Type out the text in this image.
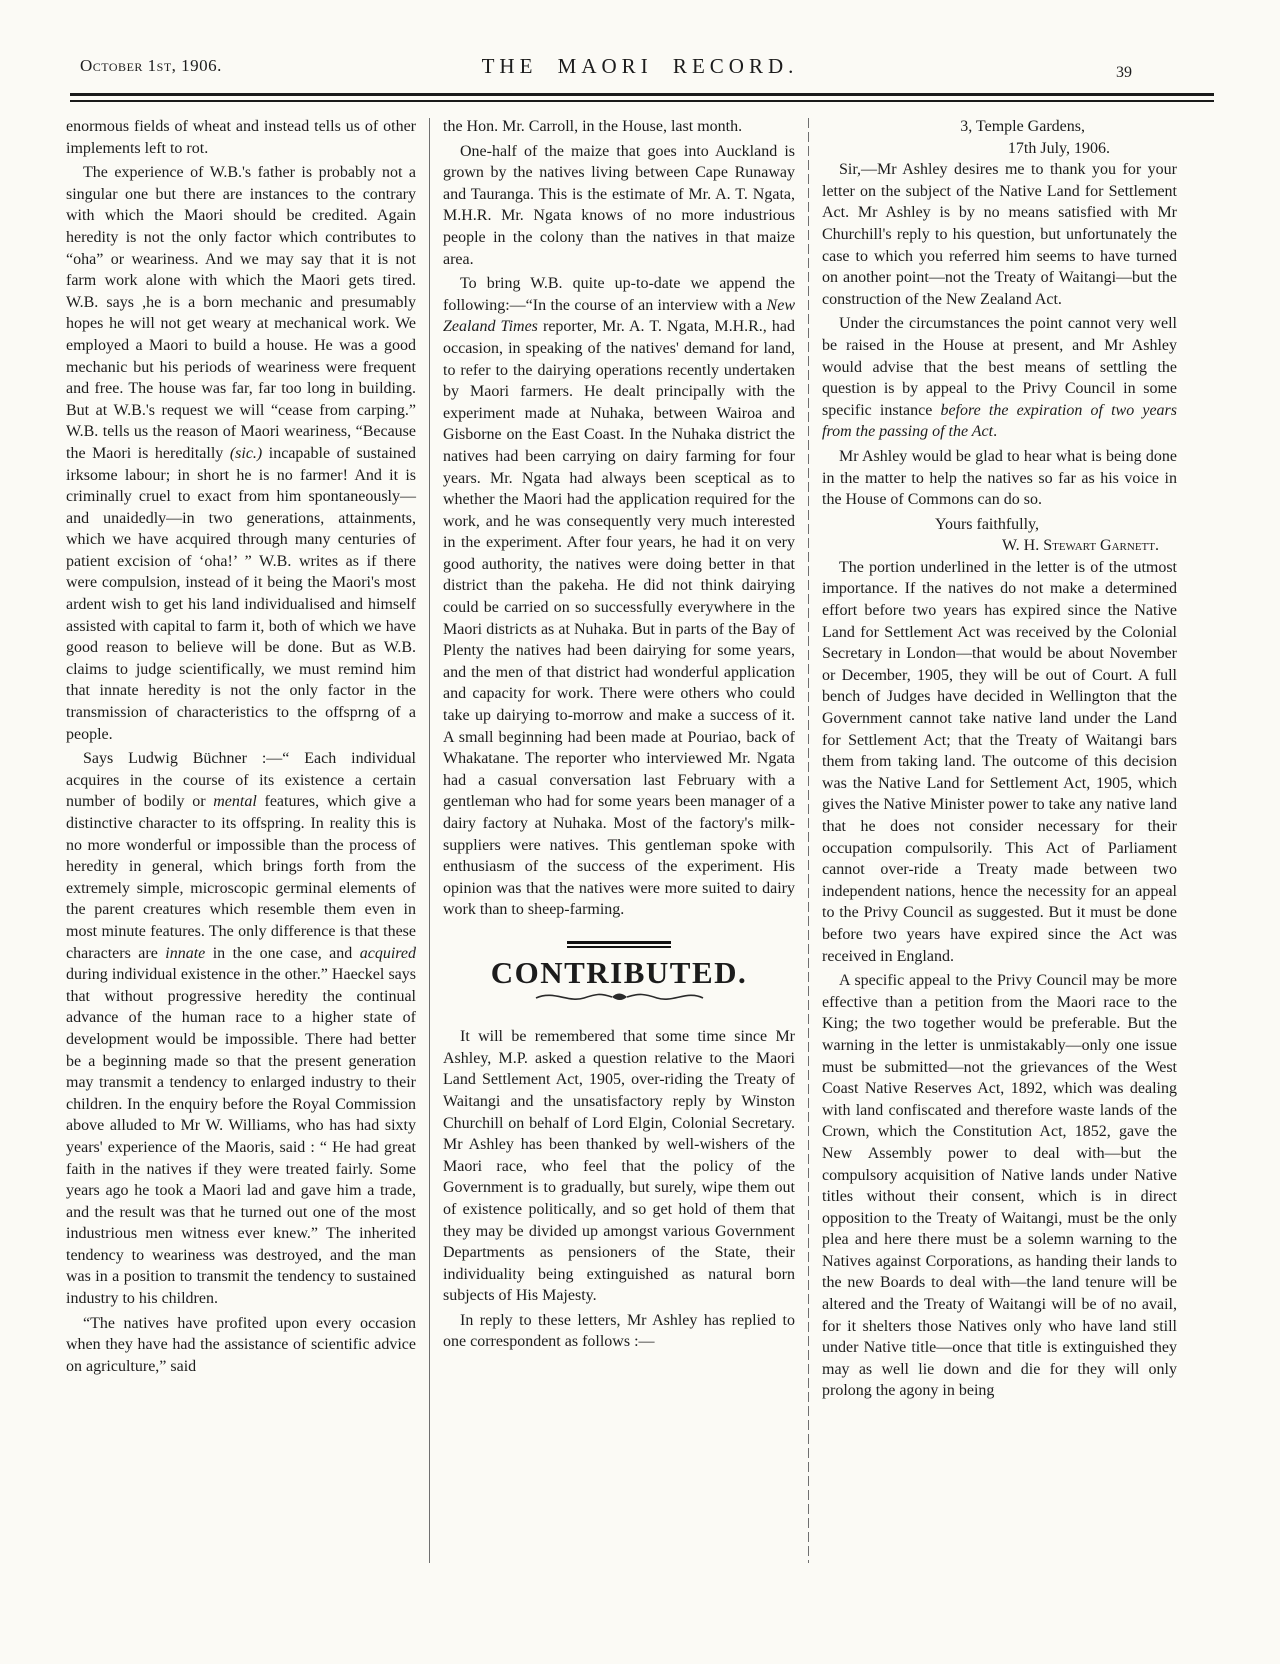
October 1st, 1906.	THE MAORI RECORD.	39

enormous fields of wheat and instead tells us of other implements left to rot.

The experience of W.B.'s father is probably not a singular one but there are instances to the contrary with which the Maori should be credited. Again heredity is not the only factor which contributes to “oha” or weariness. And we may say that it is not farm work alone with which the Maori gets tired. W.B. says ,he is a born mechanic and presumably hopes he will not get weary at mechanical work. We employed a Maori to build a house. He was a good mechanic but his periods of weariness were frequent and free. The house was far, far too long in building. But at W.B.'s request we will “cease from carping.” W.B. tells us the reason of Maori weariness, “Because the Maori is hereditally (sic.) incapable of sustained irksome labour; in short he is no farmer! And it is criminally cruel to exact from him spontaneously—and unaidedly—in two generations, attainments, which we have acquired through many centuries of patient excision of ‘oha!’ ” W.B. writes as if there were compulsion, instead of it being the Maori's most ardent wish to get his land individualised and himself assisted with capital to farm it, both of which we have good reason to believe will be done. But as W.B. claims to judge scientifically, we must remind him that innate heredity is not the only factor in the transmission of characteristics to the offsprng of a people.

Says Ludwig Büchner :—“ Each individual acquires in the course of its existence a certain number of bodily or mental features, which give a distinctive character to its offspring. In reality this is no more wonderful or impossible than the process of heredity in general, which brings forth from the extremely simple, microscopic germinal elements of the parent creatures which resemble them even in most minute features. The only difference is that these characters are innate in the one case, and acquired during individual existence in the other.” Haeckel says that without progressive heredity the continual advance of the human race to a higher state of development would be impossible. There had better be a beginning made so that the present generation may transmit a tendency to enlarged industry to their children. In the enquiry before the Royal Commission above alluded to Mr W. Williams, who has had sixty years' experience of the Maoris, said : “ He had great faith in the natives if they were treated fairly. Some years ago he took a Maori lad and gave him a trade, and the result was that he turned out one of the most industrious men witness ever knew.” The inherited tendency to weariness was destroyed, and the man was in a position to transmit the tendency to sustained industry to his children.

“The natives have profited upon every occasion when they have had the assistance of scientific advice on agriculture,” said

the Hon. Mr. Carroll, in the House, last month.

One-half of the maize that goes into Auckland is grown by the natives living between Cape Runaway and Tauranga. This is the estimate of Mr. A. T. Ngata, M.H.R. Mr. Ngata knows of no more industrious people in the colony than the natives in that maize area.

To bring W.B. quite up-to-date we append the following:—“In the course of an interview with a New Zealand Times reporter, Mr. A. T. Ngata, M.H.R., had occasion, in speaking of the natives' demand for land, to refer to the dairying operations recently undertaken by Maori farmers. He dealt principally with the experiment made at Nuhaka, between Wairoa and Gisborne on the East Coast. In the Nuhaka district the natives had been carrying on dairy farming for four years. Mr. Ngata had always been sceptical as to whether the Maori had the application required for the work, and he was consequently very much interested in the experiment. After four years, he had it on very good authority, the natives were doing better in that district than the pakeha. He did not think dairying could be carried on so successfully everywhere in the Maori districts as at Nuhaka. But in parts of the Bay of Plenty the natives had been dairying for some years, and the men of that district had wonderful application and capacity for work. There were others who could take up dairying to-morrow and make a success of it. A small beginning had been made at Pouriao, back of Whakatane. The reporter who interviewed Mr. Ngata had a casual conversation last February with a gentleman who had for some years been manager of a dairy factory at Nuhaka. Most of the factory's milk-suppliers were natives. This gentleman spoke with enthusiasm of the success of the experiment. His opinion was that the natives were more suited to dairy work than to sheep-farming.

CONTRIBUTED.

It will be remembered that some time since Mr Ashley, M.P. asked a question relative to the Maori Land Settlement Act, 1905, over-riding the Treaty of Waitangi and the unsatisfactory reply by Winston Churchill on behalf of Lord Elgin, Colonial Secretary. Mr Ashley has been thanked by well-wishers of the Maori race, who feel that the policy of the Government is to gradually, but surely, wipe them out of existence politically, and so get hold of them that they may be divided up amongst various Government Departments as pensioners of the State, their individuality being extinguished as natural born subjects of His Majesty.

In reply to these letters, Mr Ashley has replied to one correspondent as follows :—

3, Temple Gardens,
17th July, 1906.

Sir,—Mr Ashley desires me to thank you for your letter on the subject of the Native Land for Settlement Act. Mr Ashley is by no means satisfied with Mr Churchill's reply to his question, but unfortunately the case to which you referred him seems to have turned on another point—not the Treaty of Waitangi—but the construction of the New Zealand Act.

Under the circumstances the point cannot very well be raised in the House at present, and Mr Ashley would advise that the best means of settling the question is by appeal to the Privy Council in some specific instance before the expiration of two years from the passing of the Act.

Mr Ashley would be glad to hear what is being done in the matter to help the natives so far as his voice in the House of Commons can do so.

Yours faithfully,
W. H. Stewart Garnett.

The portion underlined in the letter is of the utmost importance. If the natives do not make a determined effort before two years has expired since the Native Land for Settlement Act was received by the Colonial Secretary in London—that would be about November or December, 1905, they will be out of Court. A full bench of Judges have decided in Wellington that the Government cannot take native land under the Land for Settlement Act; that the Treaty of Waitangi bars them from taking land. The outcome of this decision was the Native Land for Settlement Act, 1905, which gives the Native Minister power to take any native land that he does not consider necessary for their occupation compulsorily. This Act of Parliament cannot over-ride a Treaty made between two independent nations, hence the necessity for an appeal to the Privy Council as suggested. But it must be done before two years have expired since the Act was received in England.

A specific appeal to the Privy Council may be more effective than a petition from the Maori race to the King; the two together would be preferable. But the warning in the letter is unmistakably—only one issue must be submitted—not the grievances of the West Coast Native Reserves Act, 1892, which was dealing with land confiscated and therefore waste lands of the Crown, which the Constitution Act, 1852, gave the New Assembly power to deal with—but the compulsory acquisition of Native lands under Native titles without their consent, which is in direct opposition to the Treaty of Waitangi, must be the only plea and here there must be a solemn warning to the Natives against Corporations, as handing their lands to the new Boards to deal with—the land tenure will be altered and the Treaty of Waitangi will be of no avail, for it shelters those Natives only who have land still under Native title—once that title is extinguished they may as well lie down and die for they will only prolong the agony in being
